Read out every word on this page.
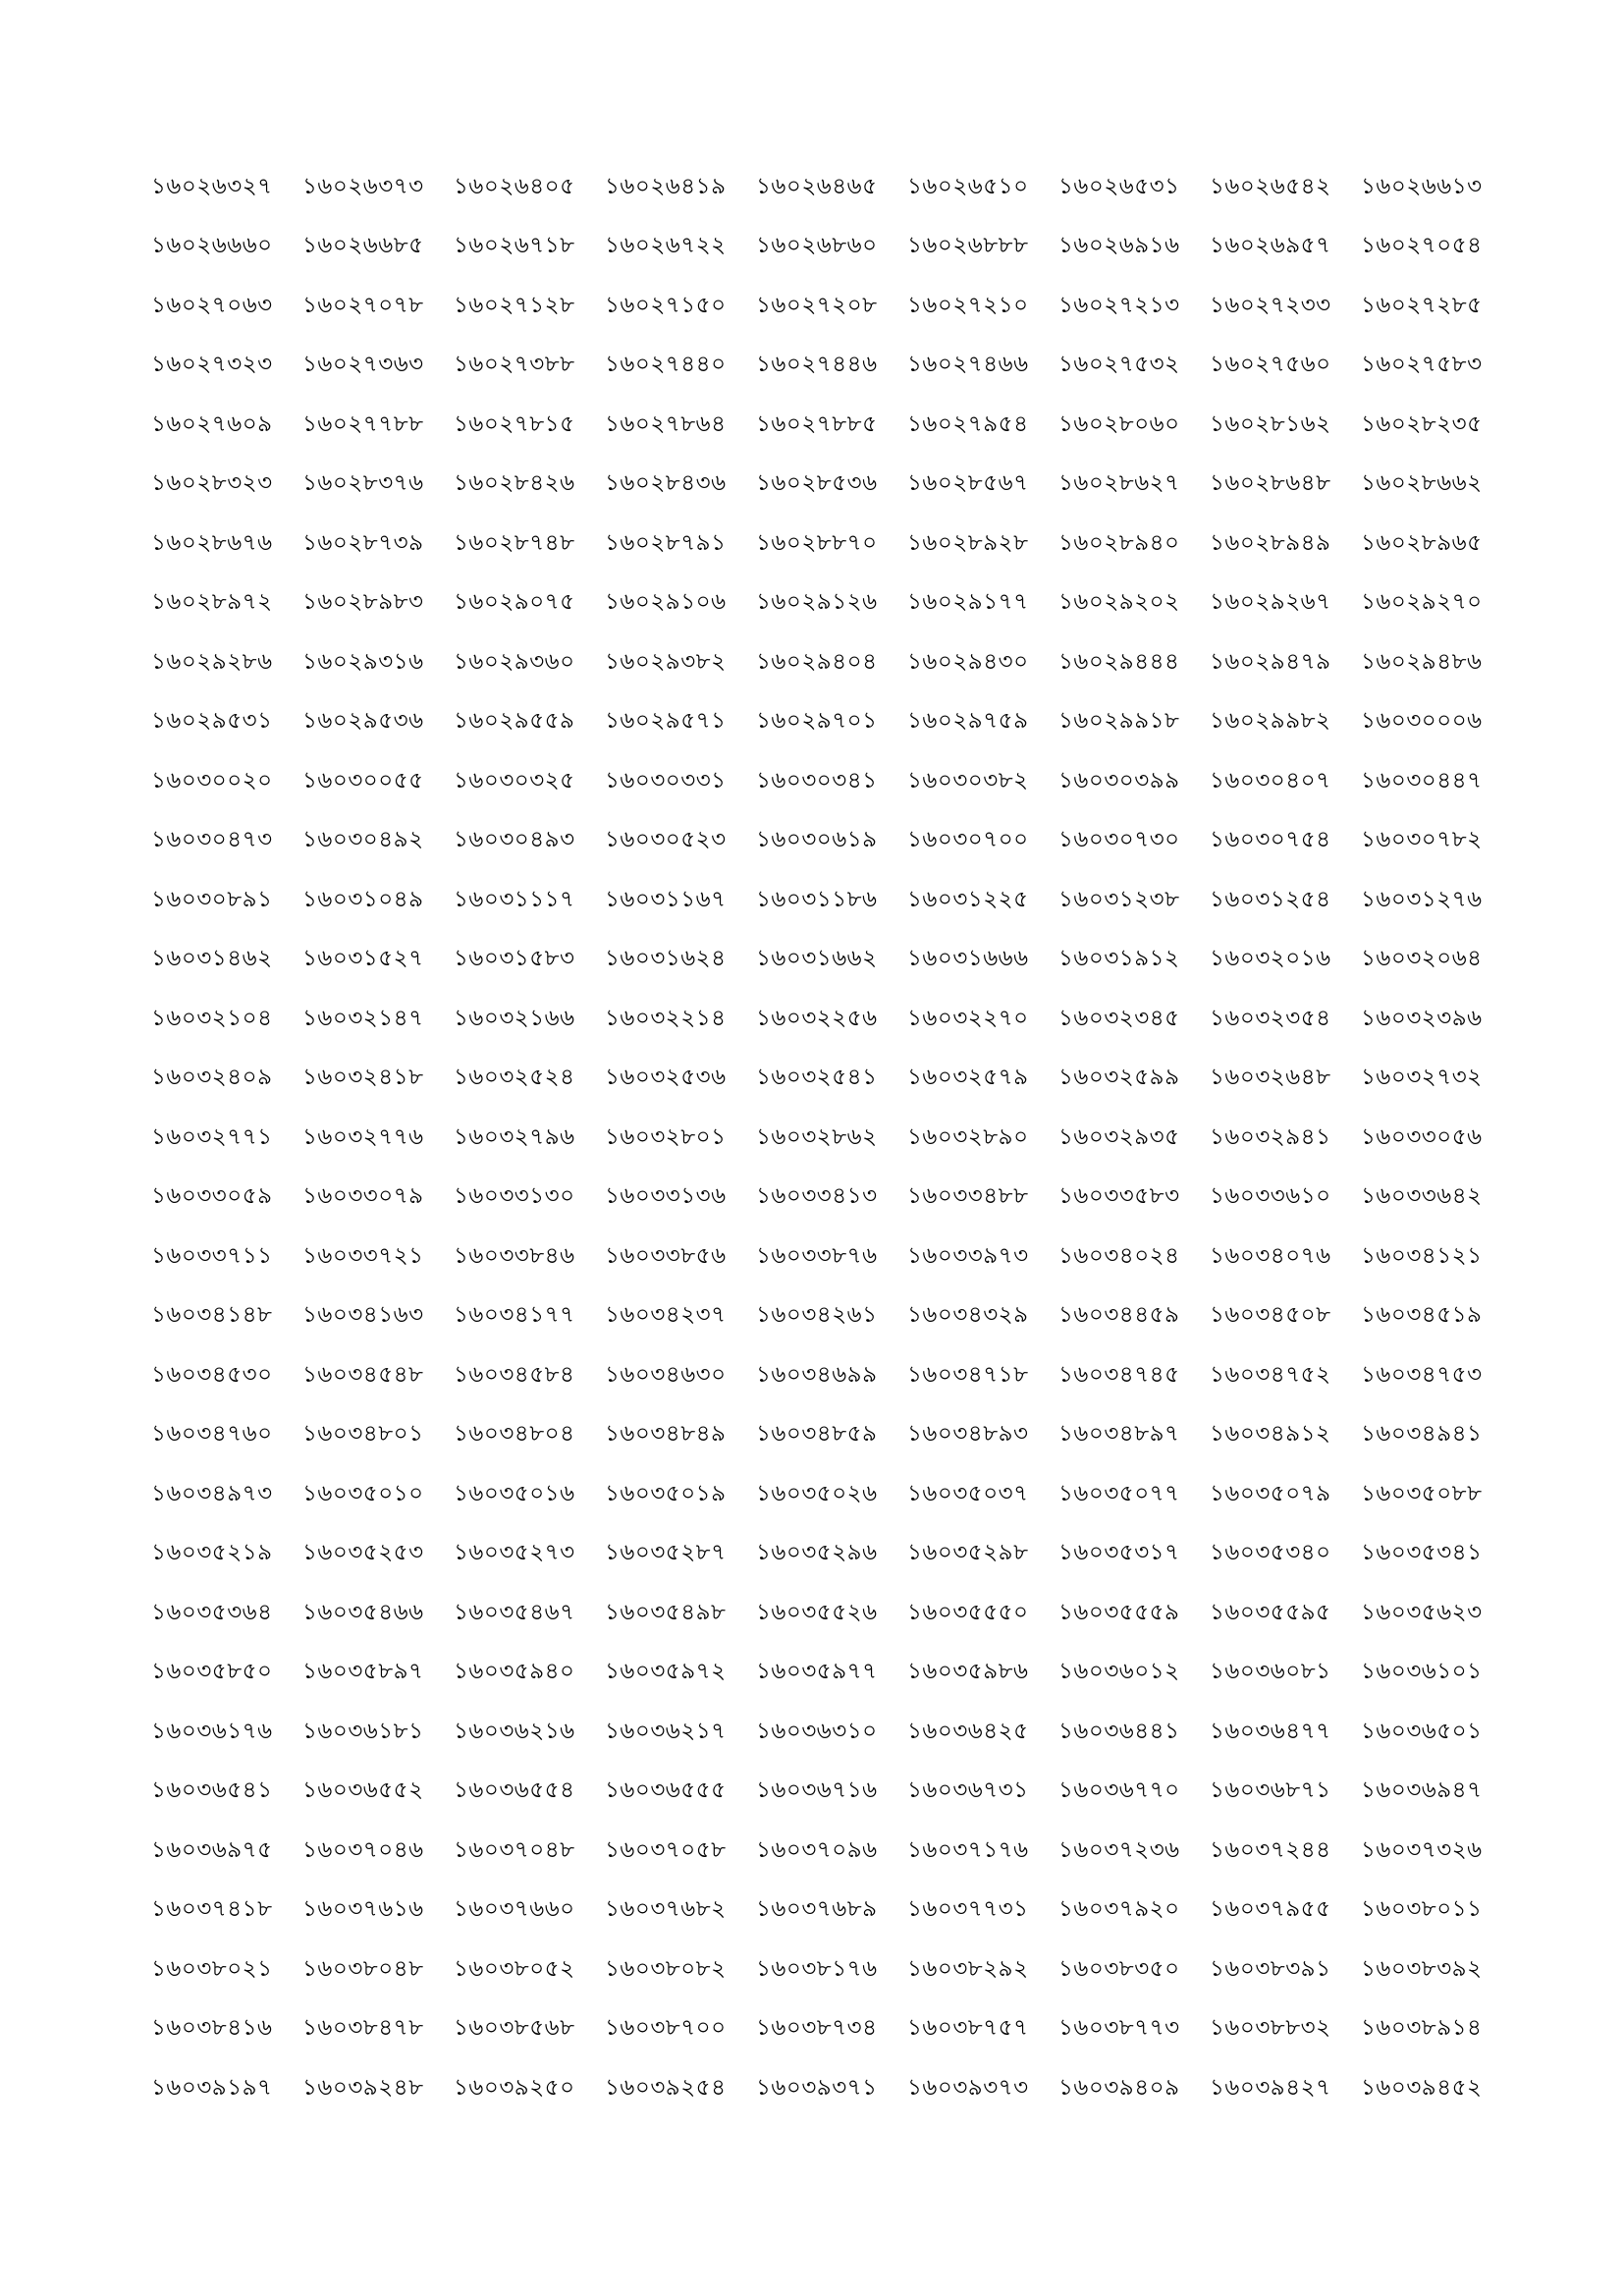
১৬০২৬৩২৭	১৬০২৬৩৭৩	১৬০২৬৪০৫	১৬০২৬৪১৯	১৬০২৬৪৬৫	১৬০২৬৫১০	১৬০২৬৫৩১	১৬০২৬৫৪২	১৬০২৬৬১৩
১৬০২৬৬৬০	১৬০২৬৬৮৫	১৬০২৬৭১৮	১৬০২৬৭২২	১৬০২৬৮৬০	১৬০২৬৮৮৮	১৬০২৬৯১৬	১৬০২৬৯৫৭	১৬০২৭০৫৪
১৬০২৭০৬৩	১৬০২৭০৭৮	১৬০২৭১২৮	১৬০২৭১৫০	১৬০২৭২০৮	১৬০২৭২১০	১৬০২৭২১৩	১৬০২৭২৩৩	১৬০২৭২৮৫
১৬০২৭৩২৩	১৬০২৭৩৬৩	১৬০২৭৩৮৮	১৬০২৭৪৪০	১৬০২৭৪৪৬	১৬০২৭৪৬৬	১৬০২৭৫৩২	১৬০২৭৫৬০	১৬০২৭৫৮৩
১৬০২৭৬০৯	১৬০২৭৭৮৮	১৬০২৭৮১৫	১৬০২৭৮৬৪	১৬০২৭৮৮৫	১৬০২৭৯৫৪	১৬০২৮০৬০	১৬০২৮১৬২	১৬০২৮২৩৫
১৬০২৮৩২৩	১৬০২৮৩৭৬	১৬০২৮৪২৬	১৬০২৮৪৩৬	১৬০২৮৫৩৬	১৬০২৮৫৬৭	১৬০২৮৬২৭	১৬০২৮৬৪৮	১৬০২৮৬৬২
১৬০২৮৬৭৬	১৬০২৮৭৩৯	১৬০২৮৭৪৮	১৬০২৮৭৯১	১৬০২৮৮৭০	১৬০২৮৯২৮	১৬০২৮৯৪০	১৬০২৮৯৪৯	১৬০২৮৯৬৫
১৬০২৮৯৭২	১৬০২৮৯৮৩	১৬০২৯০৭৫	১৬০২৯১০৬	১৬০২৯১২৬	১৬০২৯১৭৭	১৬০২৯২০২	১৬০২৯২৬৭	১৬০২৯২৭০
১৬০২৯২৮৬	১৬০২৯৩১৬	১৬০২৯৩৬০	১৬০২৯৩৮২	১৬০২৯৪০৪	১৬০২৯৪৩০	১৬০২৯৪৪৪	১৬০২৯৪৭৯	১৬০২৯৪৮৬
১৬০২৯৫৩১	১৬০২৯৫৩৬	১৬০২৯৫৫৯	১৬০২৯৫৭১	১৬০২৯৭০১	১৬০২৯৭৫৯	১৬০২৯৯১৮	১৬০২৯৯৮২	১৬০৩০০০৬
১৬০৩০০২০	১৬০৩০০৫৫	১৬০৩০৩২৫	১৬০৩০৩৩১	১৬০৩০৩৪১	১৬০৩০৩৮২	১৬০৩০৩৯৯	১৬০৩০৪০৭	১৬০৩০৪৪৭
১৬০৩০৪৭৩	১৬০৩০৪৯২	১৬০৩০৪৯৩	১৬০৩০৫২৩	১৬০৩০৬১৯	১৬০৩০৭০০	১৬০৩০৭৩০	১৬০৩০৭৫৪	১৬০৩০৭৮২
১৬০৩০৮৯১	১৬০৩১০৪৯	১৬০৩১১১৭	১৬০৩১১৬৭	১৬০৩১১৮৬	১৬০৩১২২৫	১৬০৩১২৩৮	১৬০৩১২৫৪	১৬০৩১২৭৬
১৬০৩১৪৬২	১৬০৩১৫২৭	১৬০৩১৫৮৩	১৬০৩১৬২৪	১৬০৩১৬৬২	১৬০৩১৬৬৬	১৬০৩১৯১২	১৬০৩২০১৬	১৬০৩২০৬৪
১৬০৩২১০৪	১৬০৩২১৪৭	১৬০৩২১৬৬	১৬০৩২২১৪	১৬০৩২২৫৬	১৬০৩২২৭০	১৬০৩২৩৪৫	১৬০৩২৩৫৪	১৬০৩২৩৯৬
১৬০৩২৪০৯	১৬০৩২৪১৮	১৬০৩২৫২৪	১৬০৩২৫৩৬	১৬০৩২৫৪১	১৬০৩২৫৭৯	১৬০৩২৫৯৯	১৬০৩২৬৪৮	১৬০৩২৭৩২
১৬০৩২৭৭১	১৬০৩২৭৭৬	১৬০৩২৭৯৬	১৬০৩২৮০১	১৬০৩২৮৬২	১৬০৩২৮৯০	১৬০৩২৯৩৫	১৬০৩২৯৪১	১৬০৩৩০৫৬
১৬০৩৩০৫৯	১৬০৩৩০৭৯	১৬০৩৩১৩০	১৬০৩৩১৩৬	১৬০৩৩৪১৩	১৬০৩৩৪৮৮	১৬০৩৩৫৮৩	১৬০৩৩৬১০	১৬০৩৩৬৪২
১৬০৩৩৭১১	১৬০৩৩৭২১	১৬০৩৩৮৪৬	১৬০৩৩৮৫৬	১৬০৩৩৮৭৬	১৬০৩৩৯৭৩	১৬০৩৪০২৪	১৬০৩৪০৭৬	১৬০৩৪১২১
১৬০৩৪১৪৮	১৬০৩৪১৬৩	১৬০৩৪১৭৭	১৬০৩৪২৩৭	১৬০৩৪২৬১	১৬০৩৪৩২৯	১৬০৩৪৪৫৯	১৬০৩৪৫০৮	১৬০৩৪৫১৯
১৬০৩৪৫৩০	১৬০৩৪৫৪৮	১৬০৩৪৫৮৪	১৬০৩৪৬৩০	১৬০৩৪৬৯৯	১৬০৩৪৭১৮	১৬০৩৪৭৪৫	১৬০৩৪৭৫২	১৬০৩৪৭৫৩
১৬০৩৪৭৬০	১৬০৩৪৮০১	১৬০৩৪৮০৪	১৬০৩৪৮৪৯	১৬০৩৪৮৫৯	১৬০৩৪৮৯৩	১৬০৩৪৮৯৭	১৬০৩৪৯১২	১৬০৩৪৯৪১
১৬০৩৪৯৭৩	১৬০৩৫০১০	১৬০৩৫০১৬	১৬০৩৫০১৯	১৬০৩৫০২৬	১৬০৩৫০৩৭	১৬০৩৫০৭৭	১৬০৩৫০৭৯	১৬০৩৫০৮৮
১৬০৩৫২১৯	১৬০৩৫২৫৩	১৬০৩৫২৭৩	১৬০৩৫২৮৭	১৬০৩৫২৯৬	১৬০৩৫২৯৮	১৬০৩৫৩১৭	১৬০৩৫৩৪০	১৬০৩৫৩৪১
১৬০৩৫৩৬৪	১৬০৩৫৪৬৬	১৬০৩৫৪৬৭	১৬০৩৫৪৯৮	১৬০৩৫৫২৬	১৬০৩৫৫৫০	১৬০৩৫৫৫৯	১৬০৩৫৫৯৫	১৬০৩৫৬২৩
১৬০৩৫৮৫০	১৬০৩৫৮৯৭	১৬০৩৫৯৪০	১৬০৩৫৯৭২	১৬০৩৫৯৭৭	১৬০৩৫৯৮৬	১৬০৩৬০১২	১৬০৩৬০৮১	১৬০৩৬১০১
১৬০৩৬১৭৬	১৬০৩৬১৮১	১৬০৩৬২১৬	১৬০৩৬২১৭	১৬০৩৬৩১০	১৬০৩৬৪২৫	১৬০৩৬৪৪১	১৬০৩৬৪৭৭	১৬০৩৬৫০১
১৬০৩৬৫৪১	১৬০৩৬৫৫২	১৬০৩৬৫৫৪	১৬০৩৬৫৫৫	১৬০৩৬৭১৬	১৬০৩৬৭৩১	১৬০৩৬৭৭০	১৬০৩৬৮৭১	১৬০৩৬৯৪৭
১৬০৩৬৯৭৫	১৬০৩৭০৪৬	১৬০৩৭০৪৮	১৬০৩৭০৫৮	১৬০৩৭০৯৬	১৬০৩৭১৭৬	১৬০৩৭২৩৬	১৬০৩৭২৪৪	১৬০৩৭৩২৬
১৬০৩৭৪১৮	১৬০৩৭৬১৬	১৬০৩৭৬৬০	১৬০৩৭৬৮২	১৬০৩৭৬৮৯	১৬০৩৭৭৩১	১৬০৩৭৯২০	১৬০৩৭৯৫৫	১৬০৩৮০১১
১৬০৩৮০২১	১৬০৩৮০৪৮	১৬০৩৮০৫২	১৬০৩৮০৮২	১৬০৩৮১৭৬	১৬০৩৮২৯২	১৬০৩৮৩৫০	১৬০৩৮৩৯১	১৬০৩৮৩৯২
১৬০৩৮৪১৬	১৬০৩৮৪৭৮	১৬০৩৮৫৬৮	১৬০৩৮৭০০	১৬০৩৮৭৩৪	১৬০৩৮৭৫৭	১৬০৩৮৭৭৩	১৬০৩৮৮৩২	১৬০৩৮৯১৪
১৬০৩৯১৯৭	১৬০৩৯২৪৮	১৬০৩৯২৫০	১৬০৩৯২৫৪	১৬০৩৯৩৭১	১৬০৩৯৩৭৩	১৬০৩৯৪০৯	১৬০৩৯৪২৭	১৬০৩৯৪৫২
